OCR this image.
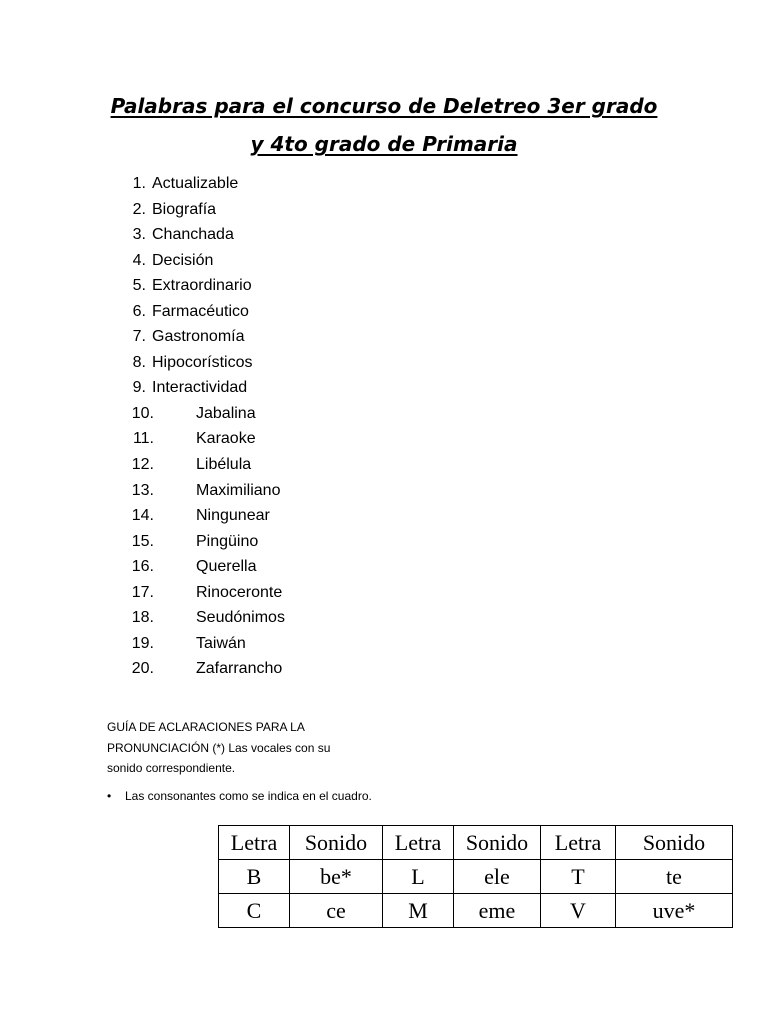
Palabras para el concurso de Deletreo 3er grado
y 4to grado de Primaria
1. Actualizable
2. Biografía
3. Chanchada
4. Decisión
5. Extraordinario
6. Farmacéutico
7. Gastronomía
8. Hipocorísticos
9. Interactividad
10.	Jabalina
11.	Karaoke
12.	Libélula
13.	Maximiliano
14.	Ningunear
15.	Pingüino
16.	Querella
17.	Rinoceronte
18.	Seudónimos
19.	Taiwán
20.	Zafarrancho
GUÍA DE ACLARACIONES PARA LA PRONUNCIACIÓN (*) Las vocales con su sonido correspondiente.
• Las consonantes como se indica en el cuadro.
Letra	Sonido	Letra	Sonido	Letra	Sonido
B	be*	L	ele	T	te
C	ce	M	eme	V	uve*
